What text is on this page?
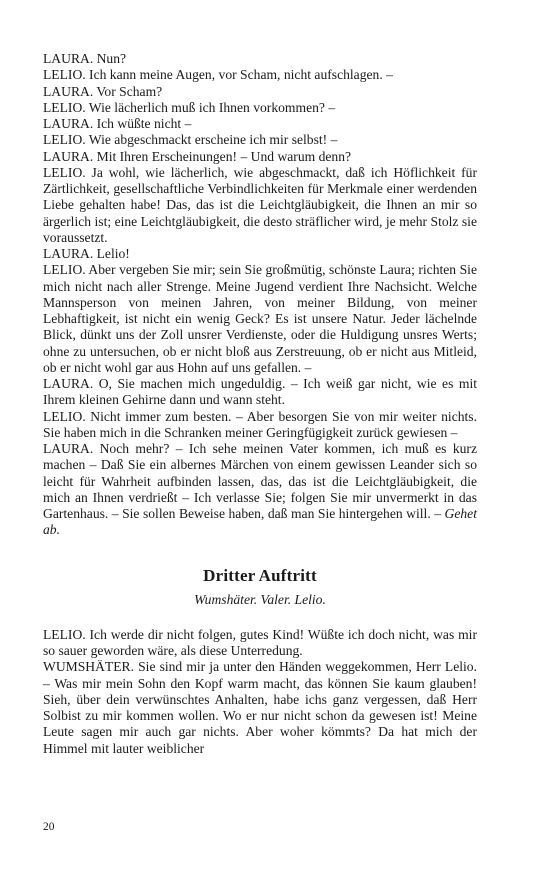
LAURA. Nun?

LELIO. Ich kann meine Augen, vor Scham, nicht aufschlagen. –

LAURA. Vor Scham?

LELIO. Wie lächerlich muß ich Ihnen vorkommen? –

LAURA. Ich wüßte nicht –

LELIO. Wie abgeschmackt erscheine ich mir selbst! –

LAURA. Mit Ihren Erscheinungen! – Und warum denn?

LELIO. Ja wohl, wie lächerlich, wie abgeschmackt, daß ich Höflichkeit für Zärtlichkeit, gesellschaftliche Verbindlichkeiten für Merkmale einer werdenden Liebe gehalten habe! Das, das ist die Leichtgläubigkeit, die Ihnen an mir so ärgerlich ist; eine Leichtgläubigkeit, die desto sträflicher wird, je mehr Stolz sie voraussetzt.

LAURA. Lelio!

LELIO. Aber vergeben Sie mir; sein Sie großmütig, schönste Laura; richten Sie mich nicht nach aller Strenge. Meine Jugend verdient Ihre Nachsicht. Welche Mannsperson von meinen Jahren, von meiner Bildung, von meiner Lebhaftigkeit, ist nicht ein wenig Geck? Es ist unsere Natur. Jeder lächelnde Blick, dünkt uns der Zoll unsrer Verdienste, oder die Huldigung unsres Werts; ohne zu untersuchen, ob er nicht bloß aus Zerstreuung, ob er nicht aus Mitleid, ob er nicht wohl gar aus Hohn auf uns gefallen. –

LAURA. O, Sie machen mich ungeduldig. – Ich weiß gar nicht, wie es mit Ihrem kleinen Gehirne dann und wann steht.

LELIO. Nicht immer zum besten. – Aber besorgen Sie von mir weiter nichts. Sie haben mich in die Schranken meiner Geringfügigkeit zurück gewiesen –

LAURA. Noch mehr? – Ich sehe meinen Vater kommen, ich muß es kurz machen – Daß Sie ein albernes Märchen von einem gewissen Leander sich so leicht für Wahrheit aufbinden lassen, das, das ist die Leichtgläubigkeit, die mich an Ihnen verdrießt – Ich verlasse Sie; folgen Sie mir unvermerkt in das Gartenhaus. – Sie sollen Beweise haben, daß man Sie hintergehen will. – Gehet ab.

Dritter Auftritt
Wumshäter. Valer. Lelio.

LELIO. Ich werde dir nicht folgen, gutes Kind! Wüßte ich doch nicht, was mir so sauer geworden wäre, als diese Unterredung.

WUMSHÄTER. Sie sind mir ja unter den Händen weggekommen, Herr Lelio. – Was mir mein Sohn den Kopf warm macht, das können Sie kaum glauben! Sieh, über dein verwünschtes Anhalten, habe ichs ganz vergessen, daß Herr Solbist zu mir kommen wollen. Wo er nur nicht schon da gewesen ist! Meine Leute sagen mir auch gar nichts. Aber woher kömmts? Da hat mich der Himmel mit lauter weiblicher

20
